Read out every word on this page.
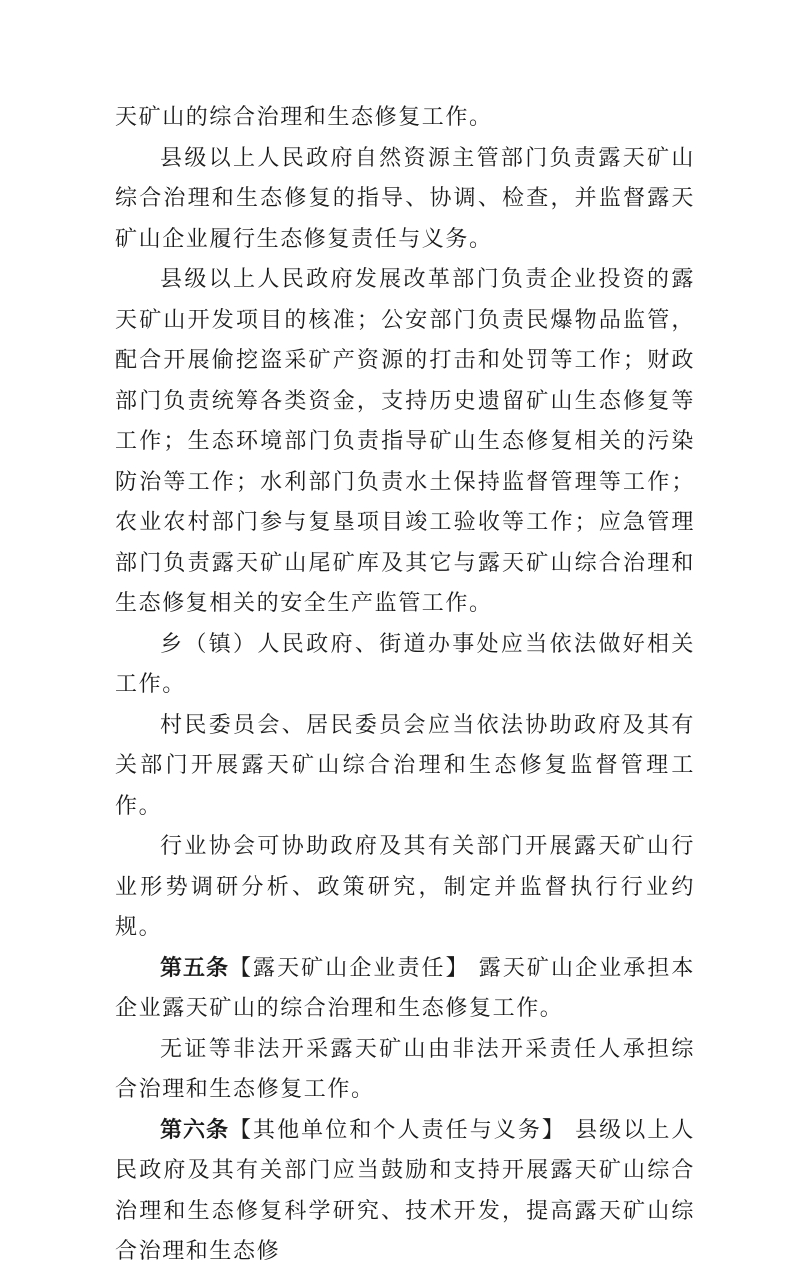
天矿山的综合治理和生态修复工作。

县级以上人民政府自然资源主管部门负责露天矿山综合治理和生态修复的指导、协调、检查，并监督露天矿山企业履行生态修复责任与义务。

县级以上人民政府发展改革部门负责企业投资的露天矿山开发项目的核准；公安部门负责民爆物品监管，配合开展偷挖盗采矿产资源的打击和处罚等工作；财政部门负责统筹各类资金，支持历史遗留矿山生态修复等工作；生态环境部门负责指导矿山生态修复相关的污染防治等工作；水利部门负责水土保持监督管理等工作；农业农村部门参与复垦项目竣工验收等工作；应急管理部门负责露天矿山尾矿库及其它与露天矿山综合治理和生态修复相关的安全生产监管工作。

乡（镇）人民政府、街道办事处应当依法做好相关工作。

村民委员会、居民委员会应当依法协助政府及其有关部门开展露天矿山综合治理和生态修复监督管理工作。

行业协会可协助政府及其有关部门开展露天矿山行业形势调研分析、政策研究，制定并监督执行行业约规。

第五条【露天矿山企业责任】 露天矿山企业承担本企业露天矿山的综合治理和生态修复工作。

无证等非法开采露天矿山由非法开采责任人承担综合治理和生态修复工作。

第六条【其他单位和个人责任与义务】 县级以上人民政府及其有关部门应当鼓励和支持开展露天矿山综合治理和生态修复科学研究、技术开发，提高露天矿山综合治理和生态修
